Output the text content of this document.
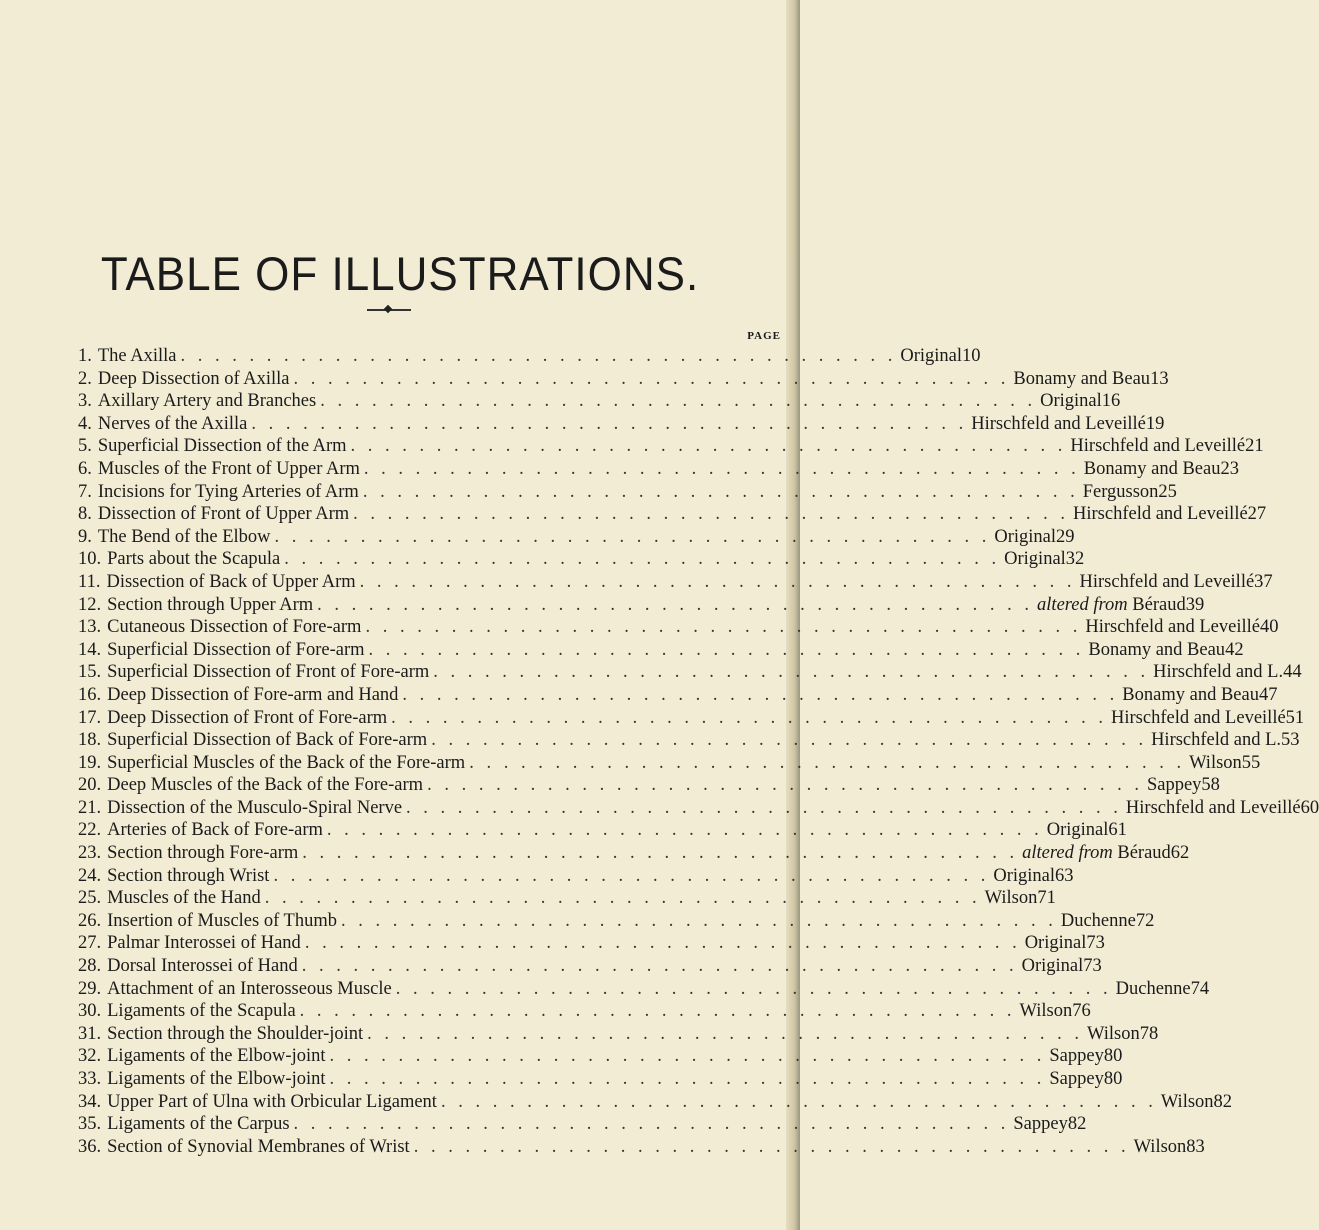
TABLE OF ILLUSTRATIONS.
PAGE
1. The Axilla . . . . . . . . . . . . . . . . . . . . . . . . . . . . . . . . . . . . . . . . . . Original 10
2. Deep Dissection of Axilla . . . . . . . . . . . . . . . . . . . . . . . . . . . . . . . . . . . . . . . . . . Bonamy and Beau 13
3. Axillary Artery and Branches . . . . . . . . . . . . . . . . . . . . . . . . . . . . . . . . . . . . . . . . . . Original 16
4. Nerves of the Axilla . . . . . . . . . . . . . . . . . . . . . . . . . . . . . . . . . . . . . . . . . . Hirschfeld and Leveillé 19
5. Superficial Dissection of the Arm . . . . . . . . . . . . . . . . . . . . . . . . . . . . . . . . . . . . . . . . . . Hirschfeld and Leveillé 21
6. Muscles of the Front of Upper Arm . . . . . . . . . . . . . . . . . . . . . . . . . . . . . . . . . . . . . . . . . . Bonamy and Beau 23
7. Incisions for Tying Arteries of Arm . . . . . . . . . . . . . . . . . . . . . . . . . . . . . . . . . . . . . . . . . . Fergusson 25
8. Dissection of Front of Upper Arm . . . . . . . . . . . . . . . . . . . . . . . . . . . . . . . . . . . . . . . . . . Hirschfeld and Leveillé 27
9. The Bend of the Elbow . . . . . . . . . . . . . . . . . . . . . . . . . . . . . . . . . . . . . . . . . . Original 29
10. Parts about the Scapula . . . . . . . . . . . . . . . . . . . . . . . . . . . . . . . . . . . . . . . . . . Original 32
11. Dissection of Back of Upper Arm . . . . . . . . . . . . . . . . . . . . . . . . . . . . . . . . . . . . . . . . . . Hirschfeld and Leveillé 37
12. Section through Upper Arm . . . . . . . . . . . . . . . . . . . . . . . . . . . . . . . . . . . . . . . . . . altered from Béraud 39
13. Cutaneous Dissection of Fore-arm . . . . . . . . . . . . . . . . . . . . . . . . . . . . . . . . . . . . . . . . . . Hirschfeld and Leveillé 40
14. Superficial Dissection of Fore-arm . . . . . . . . . . . . . . . . . . . . . . . . . . . . . . . . . . . . . . . . . . Bonamy and Beau 42
15. Superficial Dissection of Front of Fore-arm . . . . . . . . . . . . . . . . . . . . . . . . . . . . . . . . . . . . . . . . . . Hirschfeld and L. 44
16. Deep Dissection of Fore-arm and Hand . . . . . . . . . . . . . . . . . . . . . . . . . . . . . . . . . . . . . . . . . . Bonamy and Beau 47
17. Deep Dissection of Front of Fore-arm . . . . . . . . . . . . . . . . . . . . . . . . . . . . . . . . . . . . . . . . . . Hirschfeld and Leveillé 51
18. Superficial Dissection of Back of Fore-arm . . . . . . . . . . . . . . . . . . . . . . . . . . . . . . . . . . . . . . . . . . Hirschfeld and L. 53
19. Superficial Muscles of the Back of the Fore-arm . . . . . . . . . . . . . . . . . . . . . . . . . . . . . . . . . . . . . . . . . . Wilson 55
20. Deep Muscles of the Back of the Fore-arm . . . . . . . . . . . . . . . . . . . . . . . . . . . . . . . . . . . . . . . . . . Sappey 58
21. Dissection of the Musculo-Spiral Nerve . . . . . . . . . . . . . . . . . . . . . . . . . . . . . . . . . . . . . . . . . . Hirschfeld and Leveillé 60
22. Arteries of Back of Fore-arm . . . . . . . . . . . . . . . . . . . . . . . . . . . . . . . . . . . . . . . . . . Original 61
23. Section through Fore-arm . . . . . . . . . . . . . . . . . . . . . . . . . . . . . . . . . . . . . . . . . . altered from Béraud 62
24. Section through Wrist . . . . . . . . . . . . . . . . . . . . . . . . . . . . . . . . . . . . . . . . . . Original 63
25. Muscles of the Hand . . . . . . . . . . . . . . . . . . . . . . . . . . . . . . . . . . . . . . . . . . Wilson 71
26. Insertion of Muscles of Thumb . . . . . . . . . . . . . . . . . . . . . . . . . . . . . . . . . . . . . . . . . . Duchenne 72
27. Palmar Interossei of Hand . . . . . . . . . . . . . . . . . . . . . . . . . . . . . . . . . . . . . . . . . . Original 73
28. Dorsal Interossei of Hand . . . . . . . . . . . . . . . . . . . . . . . . . . . . . . . . . . . . . . . . . . Original 73
29. Attachment of an Interosseous Muscle . . . . . . . . . . . . . . . . . . . . . . . . . . . . . . . . . . . . . . . . . . Duchenne 74
30. Ligaments of the Scapula . . . . . . . . . . . . . . . . . . . . . . . . . . . . . . . . . . . . . . . . . . Wilson 76
31. Section through the Shoulder-joint . . . . . . . . . . . . . . . . . . . . . . . . . . . . . . . . . . . . . . . . . . Wilson 78
32. Ligaments of the Elbow-joint . . . . . . . . . . . . . . . . . . . . . . . . . . . . . . . . . . . . . . . . . . Sappey 80
33. Ligaments of the Elbow-joint . . . . . . . . . . . . . . . . . . . . . . . . . . . . . . . . . . . . . . . . . . Sappey 80
34. Upper Part of Ulna with Orbicular Ligament . . . . . . . . . . . . . . . . . . . . . . . . . . . . . . . . . . . . . . . . . . Wilson 82
35. Ligaments of the Carpus . . . . . . . . . . . . . . . . . . . . . . . . . . . . . . . . . . . . . . . . . . Sappey 82
36. Section of Synovial Membranes of Wrist . . . . . . . . . . . . . . . . . . . . . . . . . . . . . . . . . . . . . . . . . . Wilson 83
